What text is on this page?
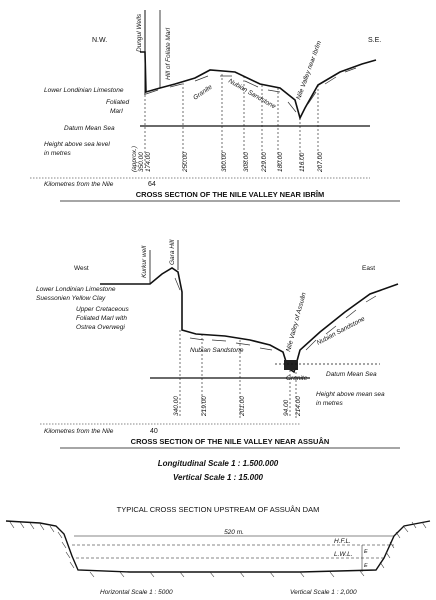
N.W.	S.E.
Dungul Wells	Hill of Foliate Marl
Lower Londinian Limestone
Foliated
Marl
Granite Nubian Sandstone	Nile Valley near Ibrîm
Datum Mean Sea
Height above sea level
in metres	(approx.) 350.00 174.00	250.00	300.00 308.00 229.00 180.00 116.00 207.00
Kilometres from the Nile	64
CROSS SECTION OF THE NILE VALLEY NEAR IBRÎM
West	East
Kurkur well	Gara Hill
Lower Londinian Limestone
Suessonien Yellow Clay
Upper Cretaceous
Foliated Marl with
Ostrea Overwegi
Nubian Sandstone
Nubian Sandstone
Nile Valley of Assuân
Granite
Datum Mean Sea
340.00	219.00	201.00	94.00 214.00
Height above mean sea
in metres
Kilometres from the Nile	40
CROSS SECTION OF THE NILE VALLEY NEAR ASSUÂN
Longitudinal Scale 1 : 1.500.000
Vertical Scale 1 : 15.000
TYPICAL CROSS SECTION UPSTREAM OF ASSUÂN DAM
520 m.
H.F.L.
L.W.L. E
E
Horizontal Scale 1 : 5000	Vertical Scale 1 : 2,000
